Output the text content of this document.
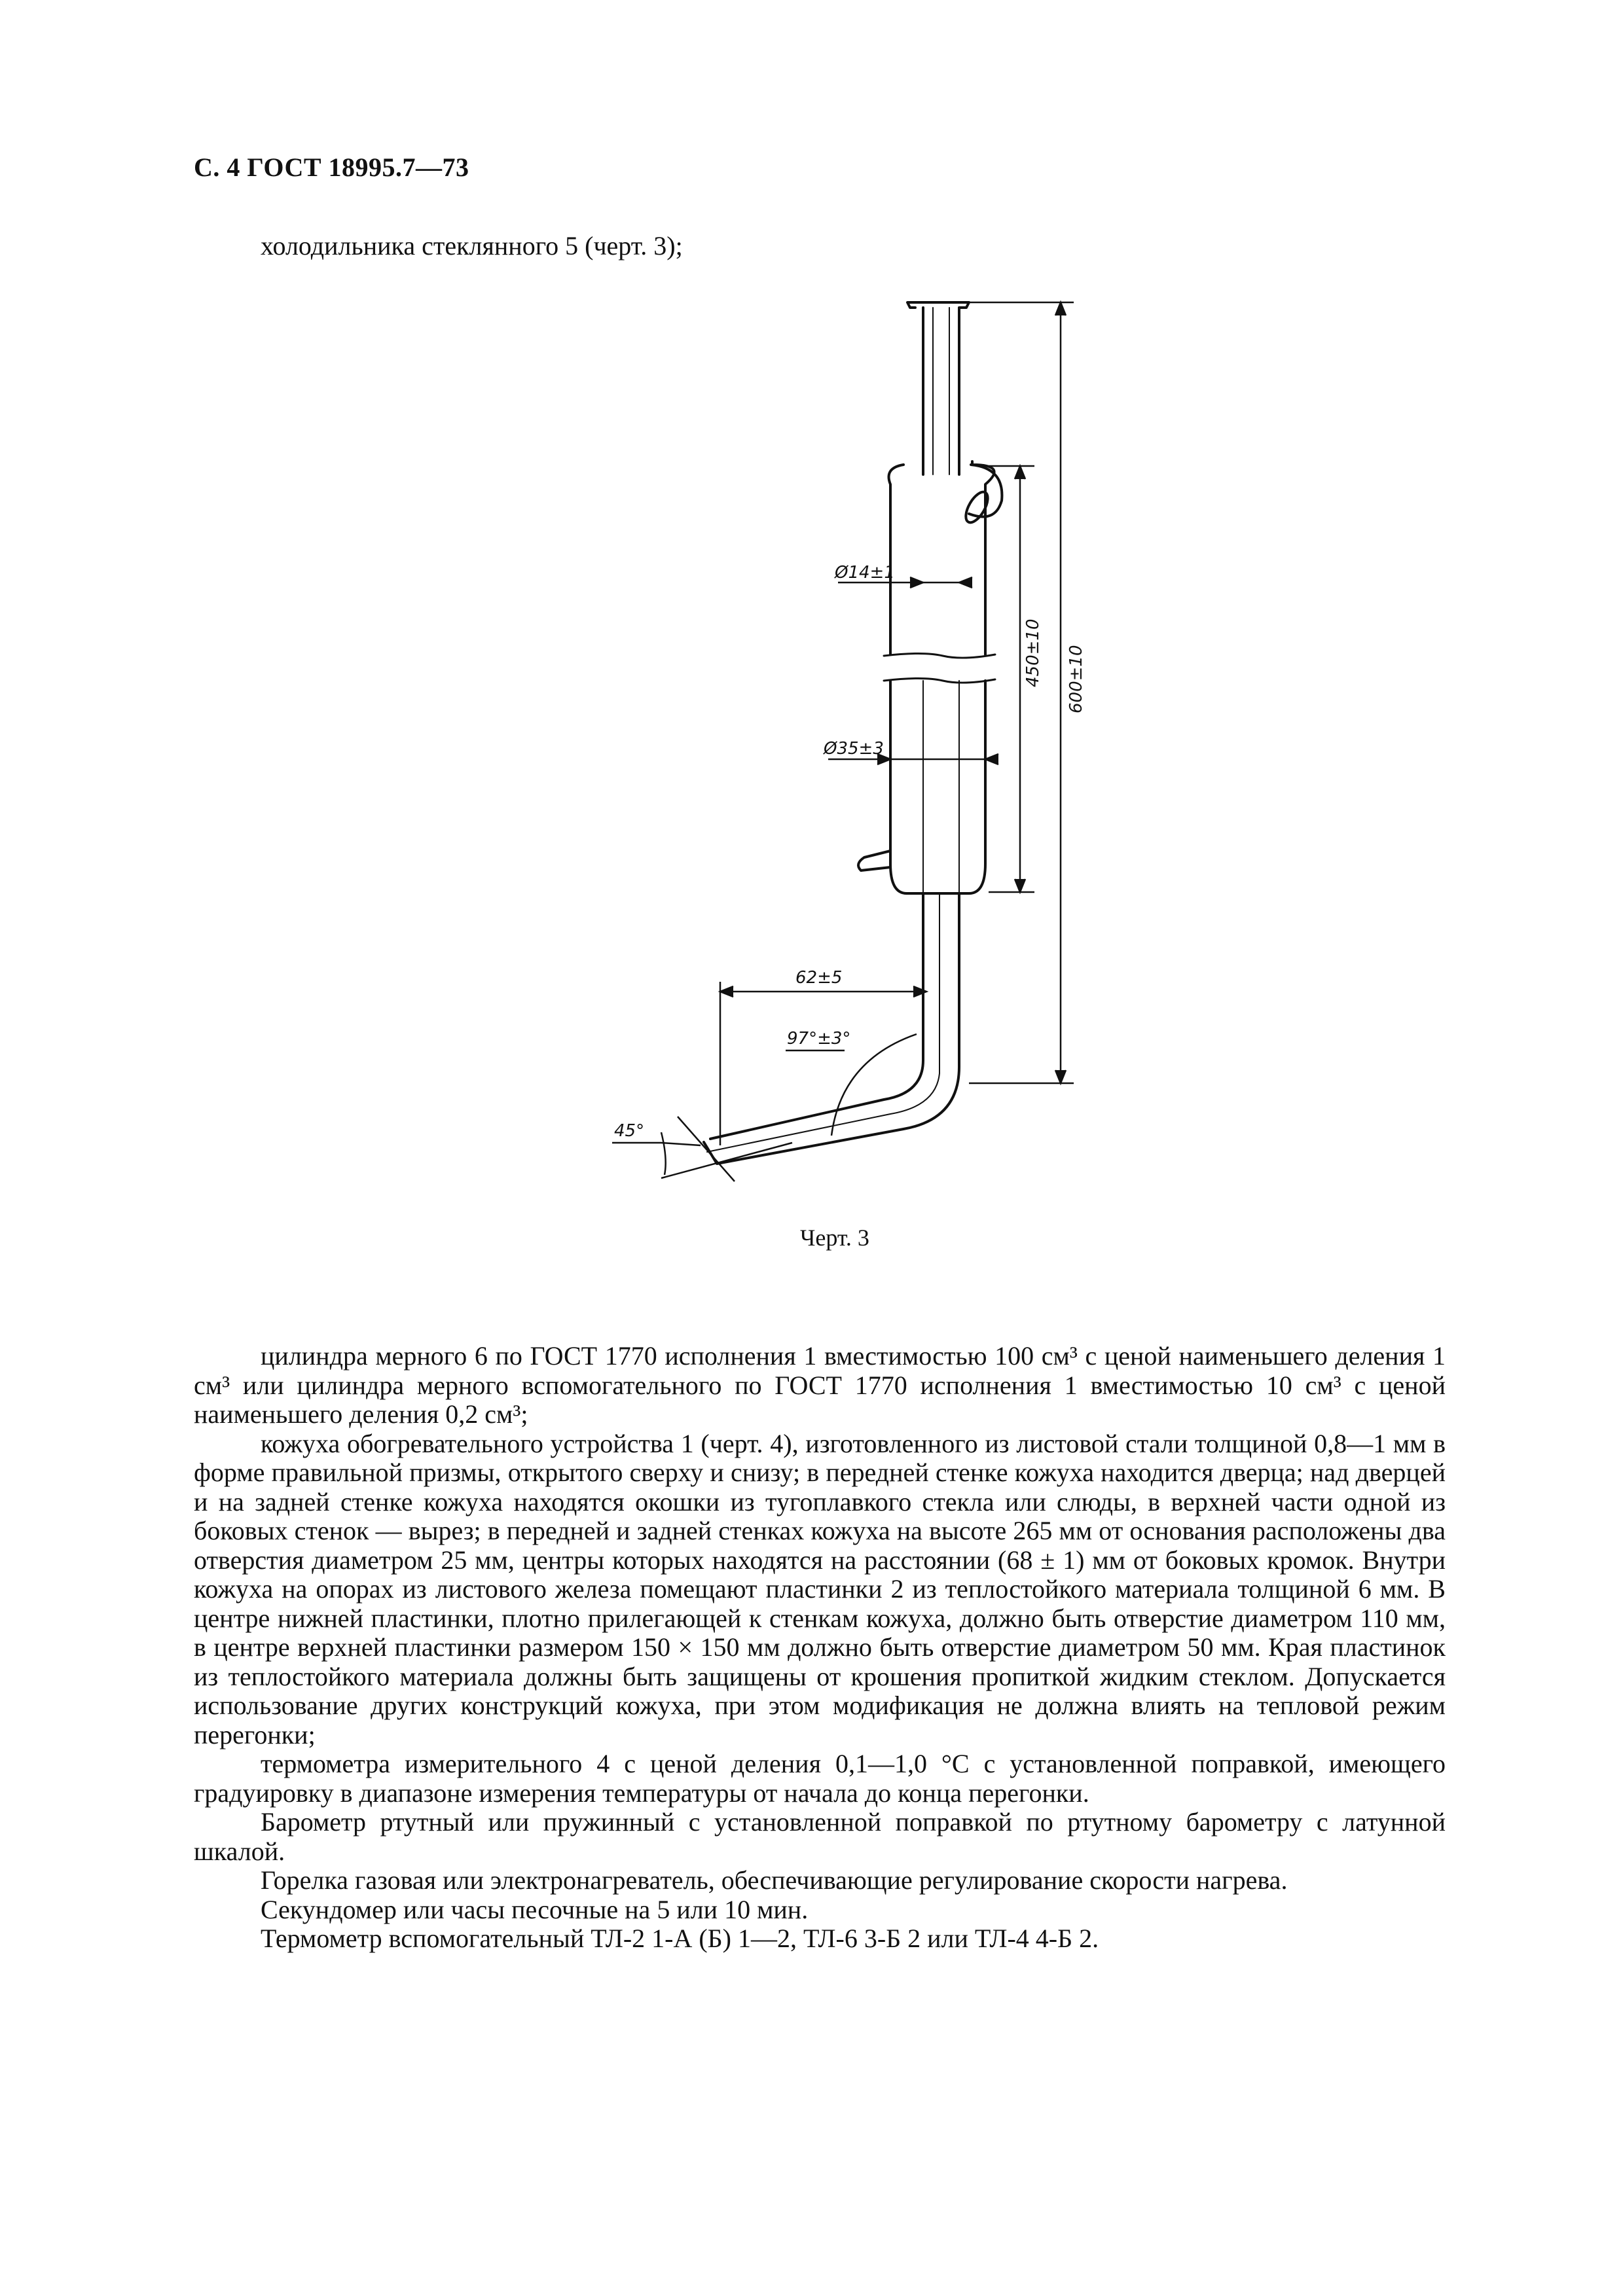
С. 4 ГОСТ 18995.7—73
холодильника стеклянного 5 (черт. 3);
Ø14±1
Ø35±3
450±10 600±10
62±5
97°±3°
45°
Черт. 3

цилиндра мерного 6 по ГОСТ 1770 исполнения 1 вместимостью 100 см³ с ценой наименьшего деления 1 см³ или цилиндра мерного вспомогательного по ГОСТ 1770 исполнения 1 вместимостью 10 см³ с ценой наименьшего деления 0,2 см³;

кожуха обогревательного устройства 1 (черт. 4), изготовленного из листовой стали толщиной 0,8—1 мм в форме правильной призмы, открытого сверху и снизу; в передней стенке кожуха находится дверца; над дверцей и на задней стенке кожуха находятся окошки из тугоплавкого стекла или слюды, в верхней части одной из боковых стенок — вырез; в передней и задней стенках кожуха на высоте 265 мм от основания расположены два отверстия диаметром 25 мм, центры которых находятся на расстоянии (68 ± 1) мм от боковых кромок. Внутри кожуха на опорах из листового железа помещают пластинки 2 из теплостойкого материала толщиной 6 мм. В центре нижней пластинки, плотно прилегающей к стенкам кожуха, должно быть отверстие диаметром 110 мм, в центре верхней пластинки размером 150 × 150 мм должно быть отверстие диаметром 50 мм. Края пластинок из теплостойкого материала должны быть защищены от крошения пропиткой жидким стеклом. Допускается использование других конструкций кожуха, при этом модификация не должна влиять на тепловой режим перегонки;

термометра измерительного 4 с ценой деления 0,1—1,0 °С с установленной поправкой, имеющего градуировку в диапазоне измерения температуры от начала до конца перегонки.

Барометр ртутный или пружинный с установленной поправкой по ртутному барометру с латунной шкалой.

Горелка газовая или электронагреватель, обеспечивающие регулирование скорости нагрева.

Секундомер или часы песочные на 5 или 10 мин.

Термометр вспомогательный ТЛ-2 1-А (Б) 1—2, ТЛ-6 3-Б 2 или ТЛ-4 4-Б 2.
